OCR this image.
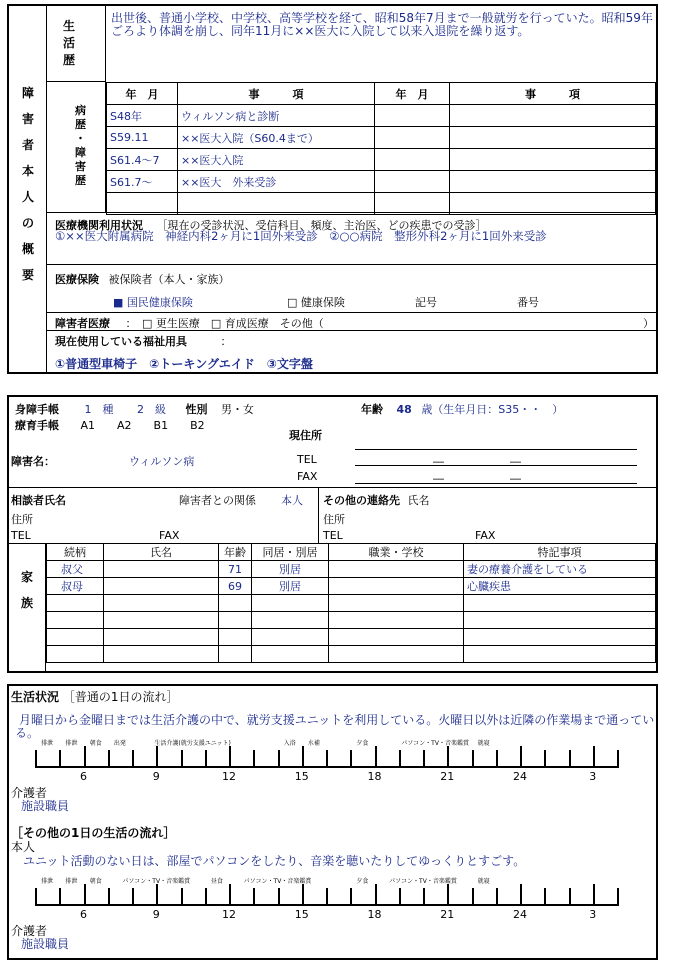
障
害
者
本
人
の
概
要
生
活
歴
出世後、普通小学校、中学校、高等学校を経て、昭和58年7月まで一般就労を行っていた。昭和59年ごろより体調を崩し、同年11月に××医大に入院して以来入退院を繰り返す。
病
歴
・
障
害
歴
年　月	事　　　項	年　月	事　　　項
S48年	ウィルソン病と診断		
S59.11	××医大入院（S60.4まで）		
S61.4～7	××医大入院		
S61.7～	××医大　外来受診		

医療機関利用状況 ［現在の受診状況、受信科目、頻度、主治医、どの疾患での受診］
①××医大附属病院　神経内科2ヶ月に1回外来受診　②○○病院　整形外科2ヶ月に1回外来受診
医療保険 被保険者（本人・家族）
■ 国民健康保険	□ 健康保険	記号	番号
障害者医療 ：　□ 更生医療　□ 育成医療　その他（	）
現在使用している福祉用具	：
①普通型車椅子　②トーキングエイド　③文字盤
身障手帳 1　種 2　級 性別 男・女	年齢 48 歳（生年月日：S35・・　）
療育手帳 A1　　A2　　B1　　B2
現住所
障害名：	ウィルソン病	TEL	―　　　　　　―
FAX	―　　　　　　―
相談者氏名	障害者との関係 本人 その他の連絡先 氏名
住所	住所
TEL	FAX	TEL	FAX
家
族
続柄	氏名	年齢	同居・別居	職業・学校	特記事項
叔父		71	別居		妻の療養介護をしている
叔母		69	別居		心臓疾患

生活状況 ［普通の1日の流れ］
月曜日から金曜日までは生活介護の中で、就労支援ユニットを利用している。火曜日以外は近隣の作業場まで通っている。
排泄 排泄 朝食 出発	生活介護(就労支援ユニット)	入浴 水補	夕食	パソコン・TV・音楽鑑賞 就寝
6	9	12	15	18	21	24	3
介護者
施設職員
［その他の1日の生活の流れ］
本人
ユニット活動のない日は、部屋でパソコンをしたり、音楽を聴いたりしてゆっくりとすごす。
排泄 排泄 朝食	パソコン・TV・音楽鑑賞	昼食	パソコン・TV・音楽鑑賞	夕食	パソコン・TV・音楽鑑賞	就寝
6	9	12	15	18	21	24	3
介護者
施設職員
